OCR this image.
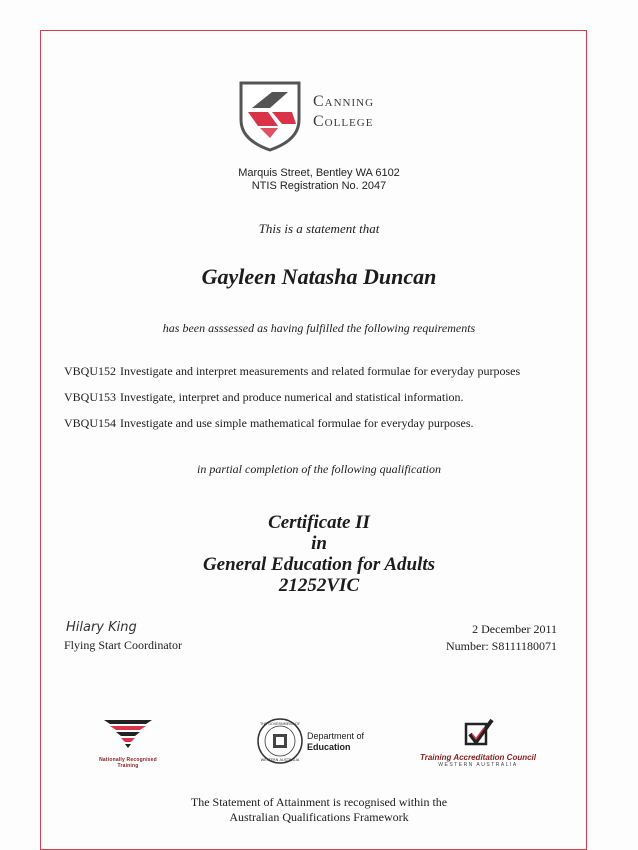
Canning
College
Marquis Street, Bentley WA 6102
NTIS Registration No. 2047
This is a statement that
Gayleen Natasha Duncan
has been asssessed as having fulfilled the following requirements
VBQU152 Investigate and interpret measurements and related formulae for everyday purposes
VBQU153 Investigate, interpret and produce numerical and statistical information.
VBQU154 Investigate and use simple mathematical formulae for everyday purposes.
in partial completion of the following qualification
Certificate II
in
General Education for Adults
21252VIC
Hilary King
Flying Start Coordinator
2 December 2011
Number: S8111180071
Nationally Recognised
Training
THE GOVERNMENT OF
WESTERN AUSTRALIA
Department of
Education
Training Accreditation Council
WESTERN AUSTRALIA
The Statement of Attainment is recognised within the
Australian Qualifications Framework
